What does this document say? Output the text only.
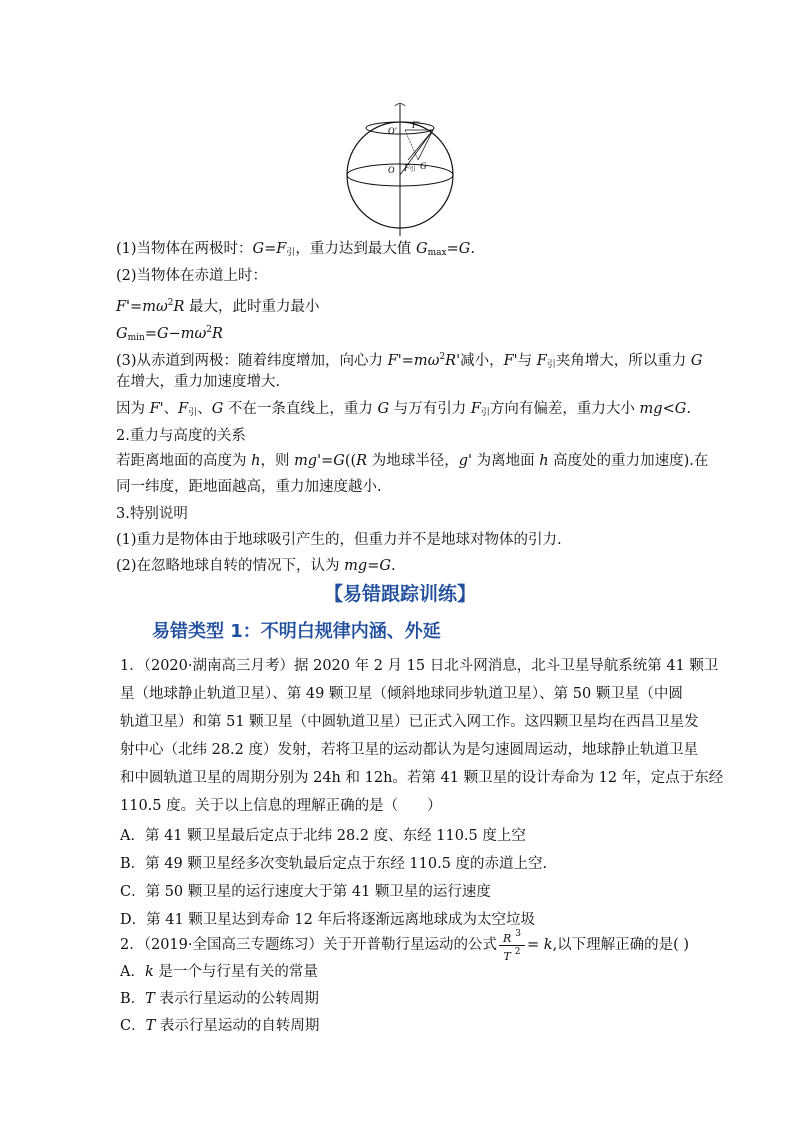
O'
F'
O F引 G
(1)当物体在两极时：$G=F_引$，重力达到最大值 $G_{max}=G$.
(2)当物体在赤道上时：
$F'=m\omega^2R$ 最大，此时重力最小
$G_{min}=G-m\omega^2R$
(3)从赤道到两极：随着纬度增加，向心力 $F'=m\omega^2R'$减小，F'与 $F_引$夹角增大，所以重力 G
在增大，重力加速度增大.
因为 F'、$F_引$、G 不在一条直线上，重力 G 与万有引力 $F_引$方向有偏差，重力大小 mg<G.
2.重力与高度的关系
若距离地面的高度为 h，则 mg'=G((R 为地球半径，g' 为离地面 h 高度处的重力加速度).在
同一纬度，距地面越高，重力加速度越小.
3.特别说明
(1)重力是物体由于地球吸引产生的，但重力并不是地球对物体的引力.
(2)在忽略地球自转的情况下，认为 mg=G.
【易错跟踪训练】
易错类型 1：不明白规律内涵、外延
1．（2020·湖南高三月考）据 2020 年 2 月 15 日北斗网消息，北斗卫星导航系统第 41 颗卫
星（地球静止轨道卫星）、第 49 颗卫星（倾斜地球同步轨道卫星）、第 50 颗卫星（中圆
轨道卫星）和第 51 颗卫星（中圆轨道卫星）已正式入网工作。这四颗卫星均在西昌卫星发
射中心（北纬 28.2 度）发射，若将卫星的运动都认为是匀速圆周运动，地球静止轨道卫星
和中圆轨道卫星的周期分别为 24h 和 12h。若第 41 颗卫星的设计寿命为 12 年，定点于东经
110.5 度。关于以上信息的理解正确的是（　　）
A．第 41 颗卫星最后定点于北纬 28.2 度、东经 110.5 度上空
B．第 49 颗卫星经多次变轨最后定点于东经 110.5 度的赤道上空.
C．第 50 颗卫星的运行速度大于第 41 颗卫星的运行速度
D．第 41 颗卫星达到寿命 12 年后将逐渐远离地球成为太空垃圾
2．（2019·全国高三专题练习）关于开普勒行星运动的公式 $\frac{R ^3}{T ^2} = k$,以下理解正确的是( )
A．k 是一个与行星有关的常量
B．T 表示行星运动的公转周期
C．T 表示行星运动的自转周期
